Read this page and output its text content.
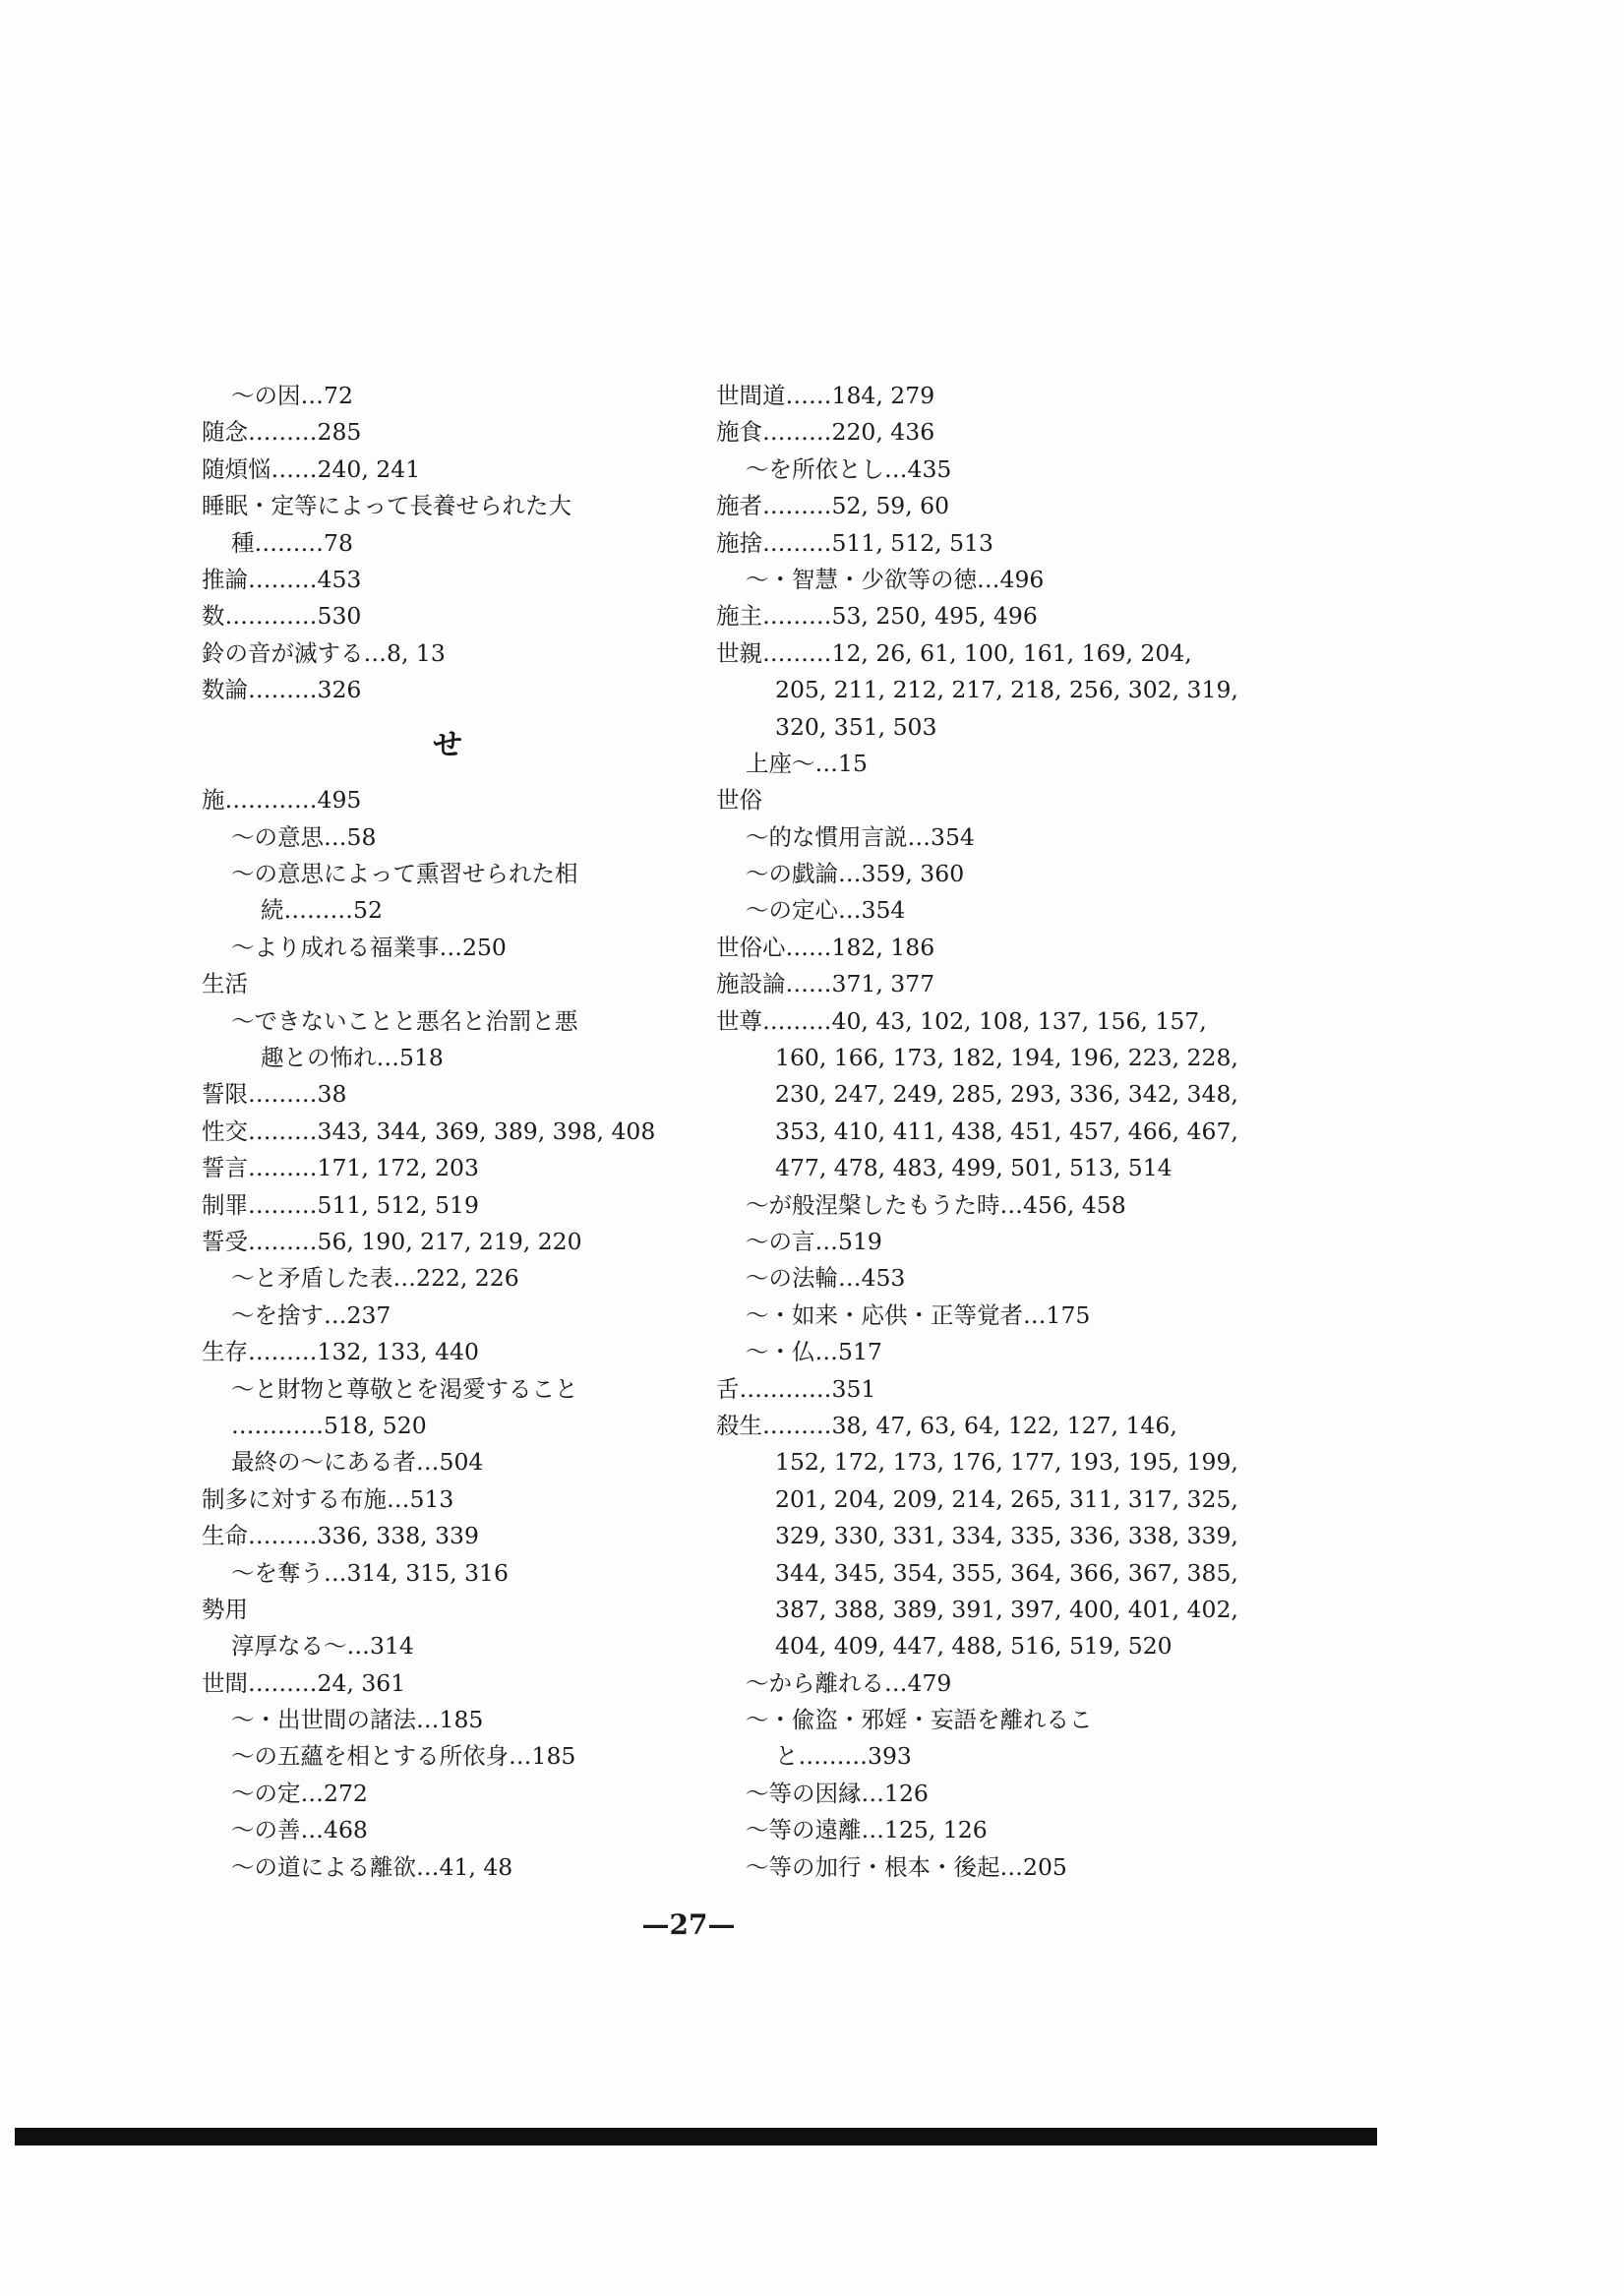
～の因…72
随念………285
随煩悩……240, 241
睡眠・定等によって長養せられた大
種………78
推論………453
数…………530
鈴の音が滅する…8, 13
数論………326
せ
施…………495
～の意思…58
～の意思によって熏習せられた相
続………52
～より成れる福業事…250
生活
～できないことと悪名と治罰と悪
趣との怖れ…518
誓限………38
性交………343, 344, 369, 389, 398, 408
誓言………171, 172, 203
制罪………511, 512, 519
誓受………56, 190, 217, 219, 220
～と矛盾した表…222, 226
～を捨す…237
生存………132, 133, 440
～と財物と尊敬とを渇愛すること
…………518, 520
最終の～にある者…504
制多に対する布施…513
生命………336, 338, 339
～を奪う…314, 315, 316
勢用
淳厚なる～…314
世間………24, 361
～・出世間の諸法…185
～の五蘊を相とする所依身…185
～の定…272
～の善…468
～の道による離欲…41, 48
世間道……184, 279
施食………220, 436
～を所依とし…435
施者………52, 59, 60
施捨………511, 512, 513
～・智慧・少欲等の徳…496
施主………53, 250, 495, 496
世親………12, 26, 61, 100, 161, 169, 204,
205, 211, 212, 217, 218, 256, 302, 319,
320, 351, 503
上座～…15
世俗
～的な慣用言説…354
～の戯論…359, 360
～の定心…354
世俗心……182, 186
施設論……371, 377
世尊………40, 43, 102, 108, 137, 156, 157,
160, 166, 173, 182, 194, 196, 223, 228,
230, 247, 249, 285, 293, 336, 342, 348,
353, 410, 411, 438, 451, 457, 466, 467,
477, 478, 483, 499, 501, 513, 514
～が般涅槃したもうた時…456, 458
～の言…519
～の法輪…453
～・如来・応供・正等覚者…175
～・仏…517
舌…………351
殺生………38, 47, 63, 64, 122, 127, 146,
152, 172, 173, 176, 177, 193, 195, 199,
201, 204, 209, 214, 265, 311, 317, 325,
329, 330, 331, 334, 335, 336, 338, 339,
344, 345, 354, 355, 364, 366, 367, 385,
387, 388, 389, 391, 397, 400, 401, 402,
404, 409, 447, 488, 516, 519, 520
～から離れる…479
～・偸盗・邪婬・妄語を離れるこ
と………393
～等の因縁…126
～等の遠離…125, 126
～等の加行・根本・後起…205
—27—
